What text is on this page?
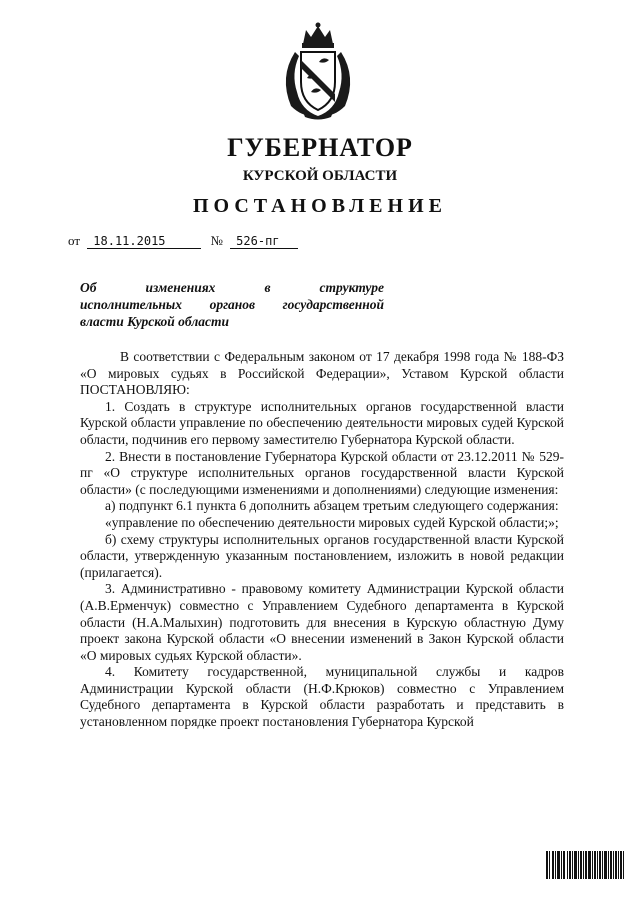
ГУБЕРНАТОР
КУРСКОЙ ОБЛАСТИ
ПОСТАНОВЛЕНИЕ
от 18.11.2015	№ 526-пг

Об изменениях в структуре

исполнительных органов государственной

власти Курской области

В соответствии с Федеральным законом от 17 декабря 1998 года № 188-ФЗ «О мировых судьях в Российской Федерации», Уставом Курской области ПОСТАНОВЛЯЮ:

1. Создать в структуре исполнительных органов государственной власти Курской области управление по обеспечению деятельности мировых судей Курской области, подчинив его первому заместителю Губернатора Курской области.

2. Внести в постановление Губернатора Курской области от 23.12.2011 № 529-пг «О структуре исполнительных органов государственной власти Курской области» (с последующими изменениями и дополнениями) следующие изменения:

а) подпункт 6.1 пункта 6 дополнить абзацем третьим следующего содержания:

«управление по обеспечению деятельности мировых судей Курской области;»;

б) схему структуры исполнительных органов государственной власти Курской области, утвержденную указанным постановлением, изложить в новой редакции (прилагается).

3. Административно - правовому комитету Администрации Курской области (А.В.Ерменчук) совместно с Управлением Судебного департамента в Курской области (Н.А.Малыхин) подготовить для внесения в Курскую областную Думу проект закона Курской области «О внесении изменений в Закон Курской области «О мировых судьях Курской области».

4. Комитету государственной, муниципальной службы и кадров Администрации Курской области (Н.Ф.Крюков) совместно с Управлением Судебного департамента в Курской области разработать и представить в установленном порядке проект постановления Губернатора Курской
